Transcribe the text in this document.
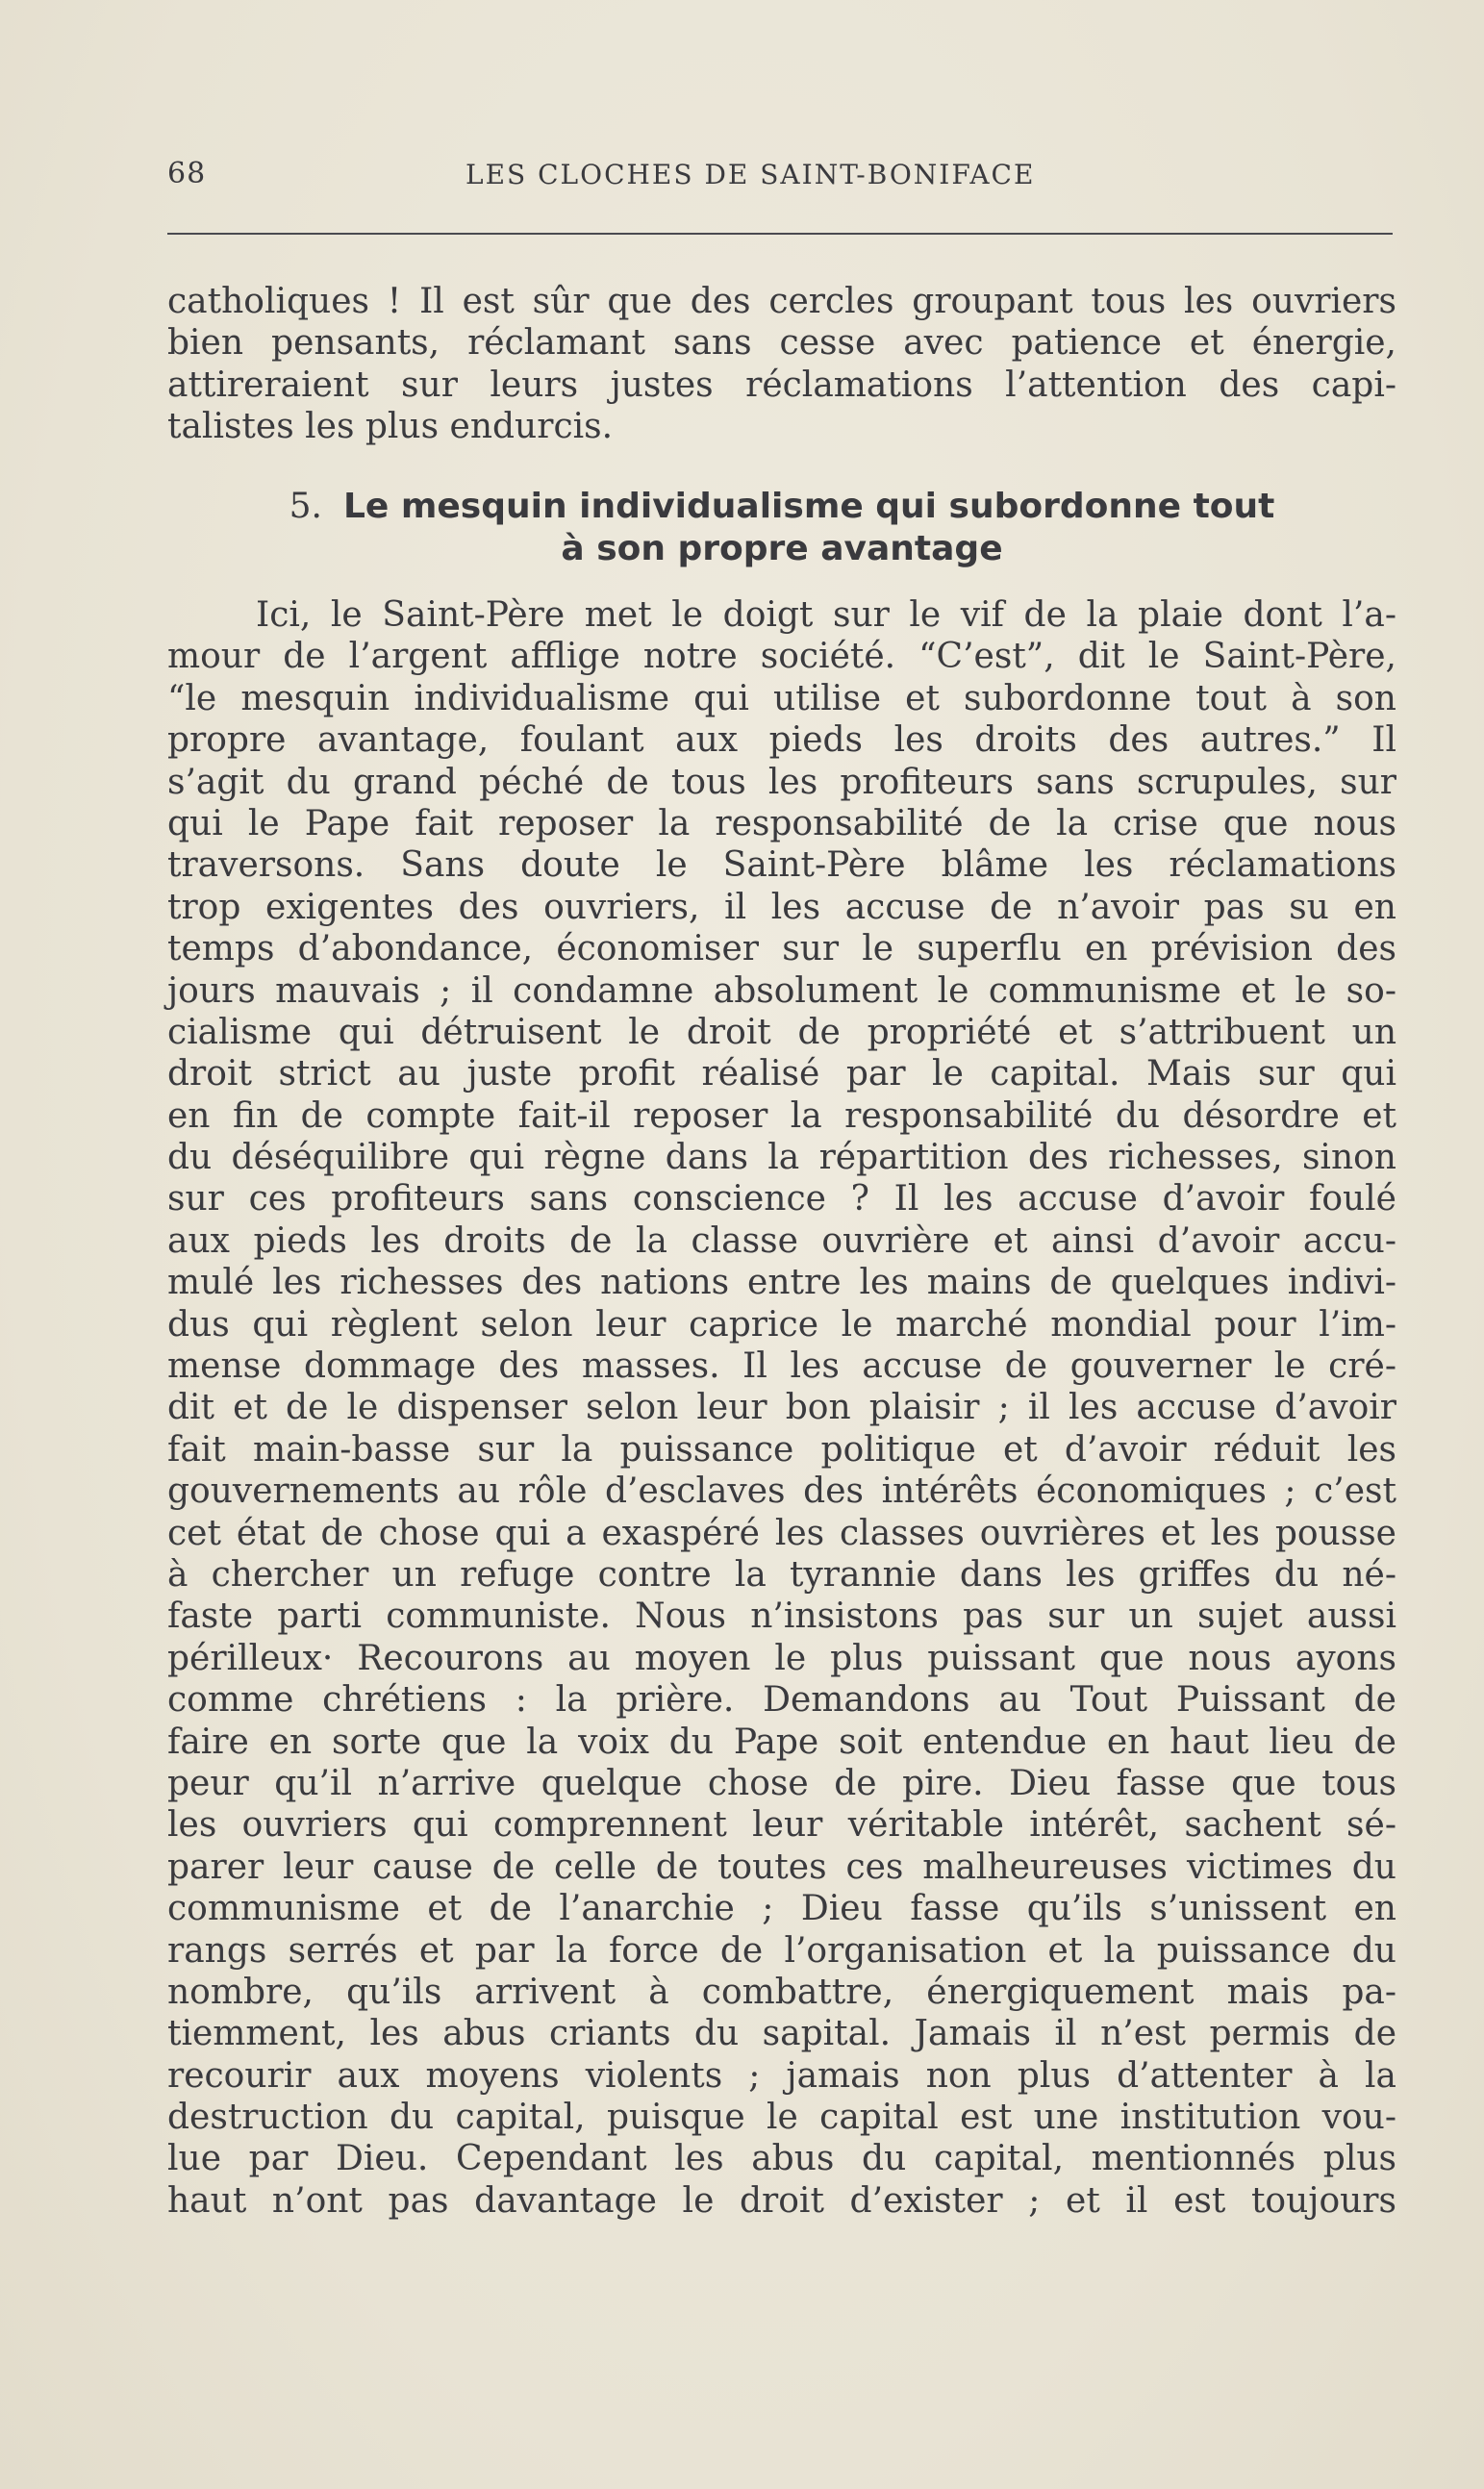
68	LES CLOCHES DE SAINT-BONIFACE
catholiques ! Il est sûr que des cercles groupant tous les ouvriers
bien pensants, réclamant sans cesse avec patience et énergie,
attireraient sur leurs justes réclamations l’attention des capi-
talistes les plus endurcis.
5. Le mesquin individualisme qui subordonne tout
à son propre avantage
Ici, le Saint-Père met le doigt sur le vif de la plaie dont l’a-
mour de l’argent afflige notre société. “C’est”, dit le Saint-Père,
“le mesquin individualisme qui utilise et subordonne tout à son
propre avantage, foulant aux pieds les droits des autres.” Il
s’agit du grand péché de tous les profiteurs sans scrupules, sur
qui le Pape fait reposer la responsabilité de la crise que nous
traversons. Sans doute le Saint-Père blâme les réclamations
trop exigentes des ouvriers, il les accuse de n’avoir pas su en
temps d’abondance, économiser sur le superflu en prévision des
jours mauvais ; il condamne absolument le communisme et le so-
cialisme qui détruisent le droit de propriété et s’attribuent un
droit strict au juste profit réalisé par le capital. Mais sur qui
en fin de compte fait-il reposer la responsabilité du désordre et
du déséquilibre qui règne dans la répartition des richesses, sinon
sur ces profiteurs sans conscience ? Il les accuse d’avoir foulé
aux pieds les droits de la classe ouvrière et ainsi d’avoir accu-
mulé les richesses des nations entre les mains de quelques indivi-
dus qui règlent selon leur caprice le marché mondial pour l’im-
mense dommage des masses. Il les accuse de gouverner le cré-
dit et de le dispenser selon leur bon plaisir ; il les accuse d’avoir
fait main-basse sur la puissance politique et d’avoir réduit les
gouvernements au rôle d’esclaves des intérêts économiques ; c’est
cet état de chose qui a exaspéré les classes ouvrières et les pousse
à chercher un refuge contre la tyrannie dans les griffes du né-
faste parti communiste. Nous n’insistons pas sur un sujet aussi
périlleux· Recourons au moyen le plus puissant que nous ayons
comme chrétiens : la prière. Demandons au Tout Puissant de
faire en sorte que la voix du Pape soit entendue en haut lieu de
peur qu’il n’arrive quelque chose de pire. Dieu fasse que tous
les ouvriers qui comprennent leur véritable intérêt, sachent sé-
parer leur cause de celle de toutes ces malheureuses victimes du
communisme et de l’anarchie ; Dieu fasse qu’ils s’unissent en
rangs serrés et par la force de l’organisation et la puissance du
nombre, qu’ils arrivent à combattre, énergiquement mais pa-
tiemment, les abus criants du sapital. Jamais il n’est permis de
recourir aux moyens violents ; jamais non plus d’attenter à la
destruction du capital, puisque le capital est une institution vou-
lue par Dieu. Cependant les abus du capital, mentionnés plus
haut n’ont pas davantage le droit d’exister ; et il est toujours
